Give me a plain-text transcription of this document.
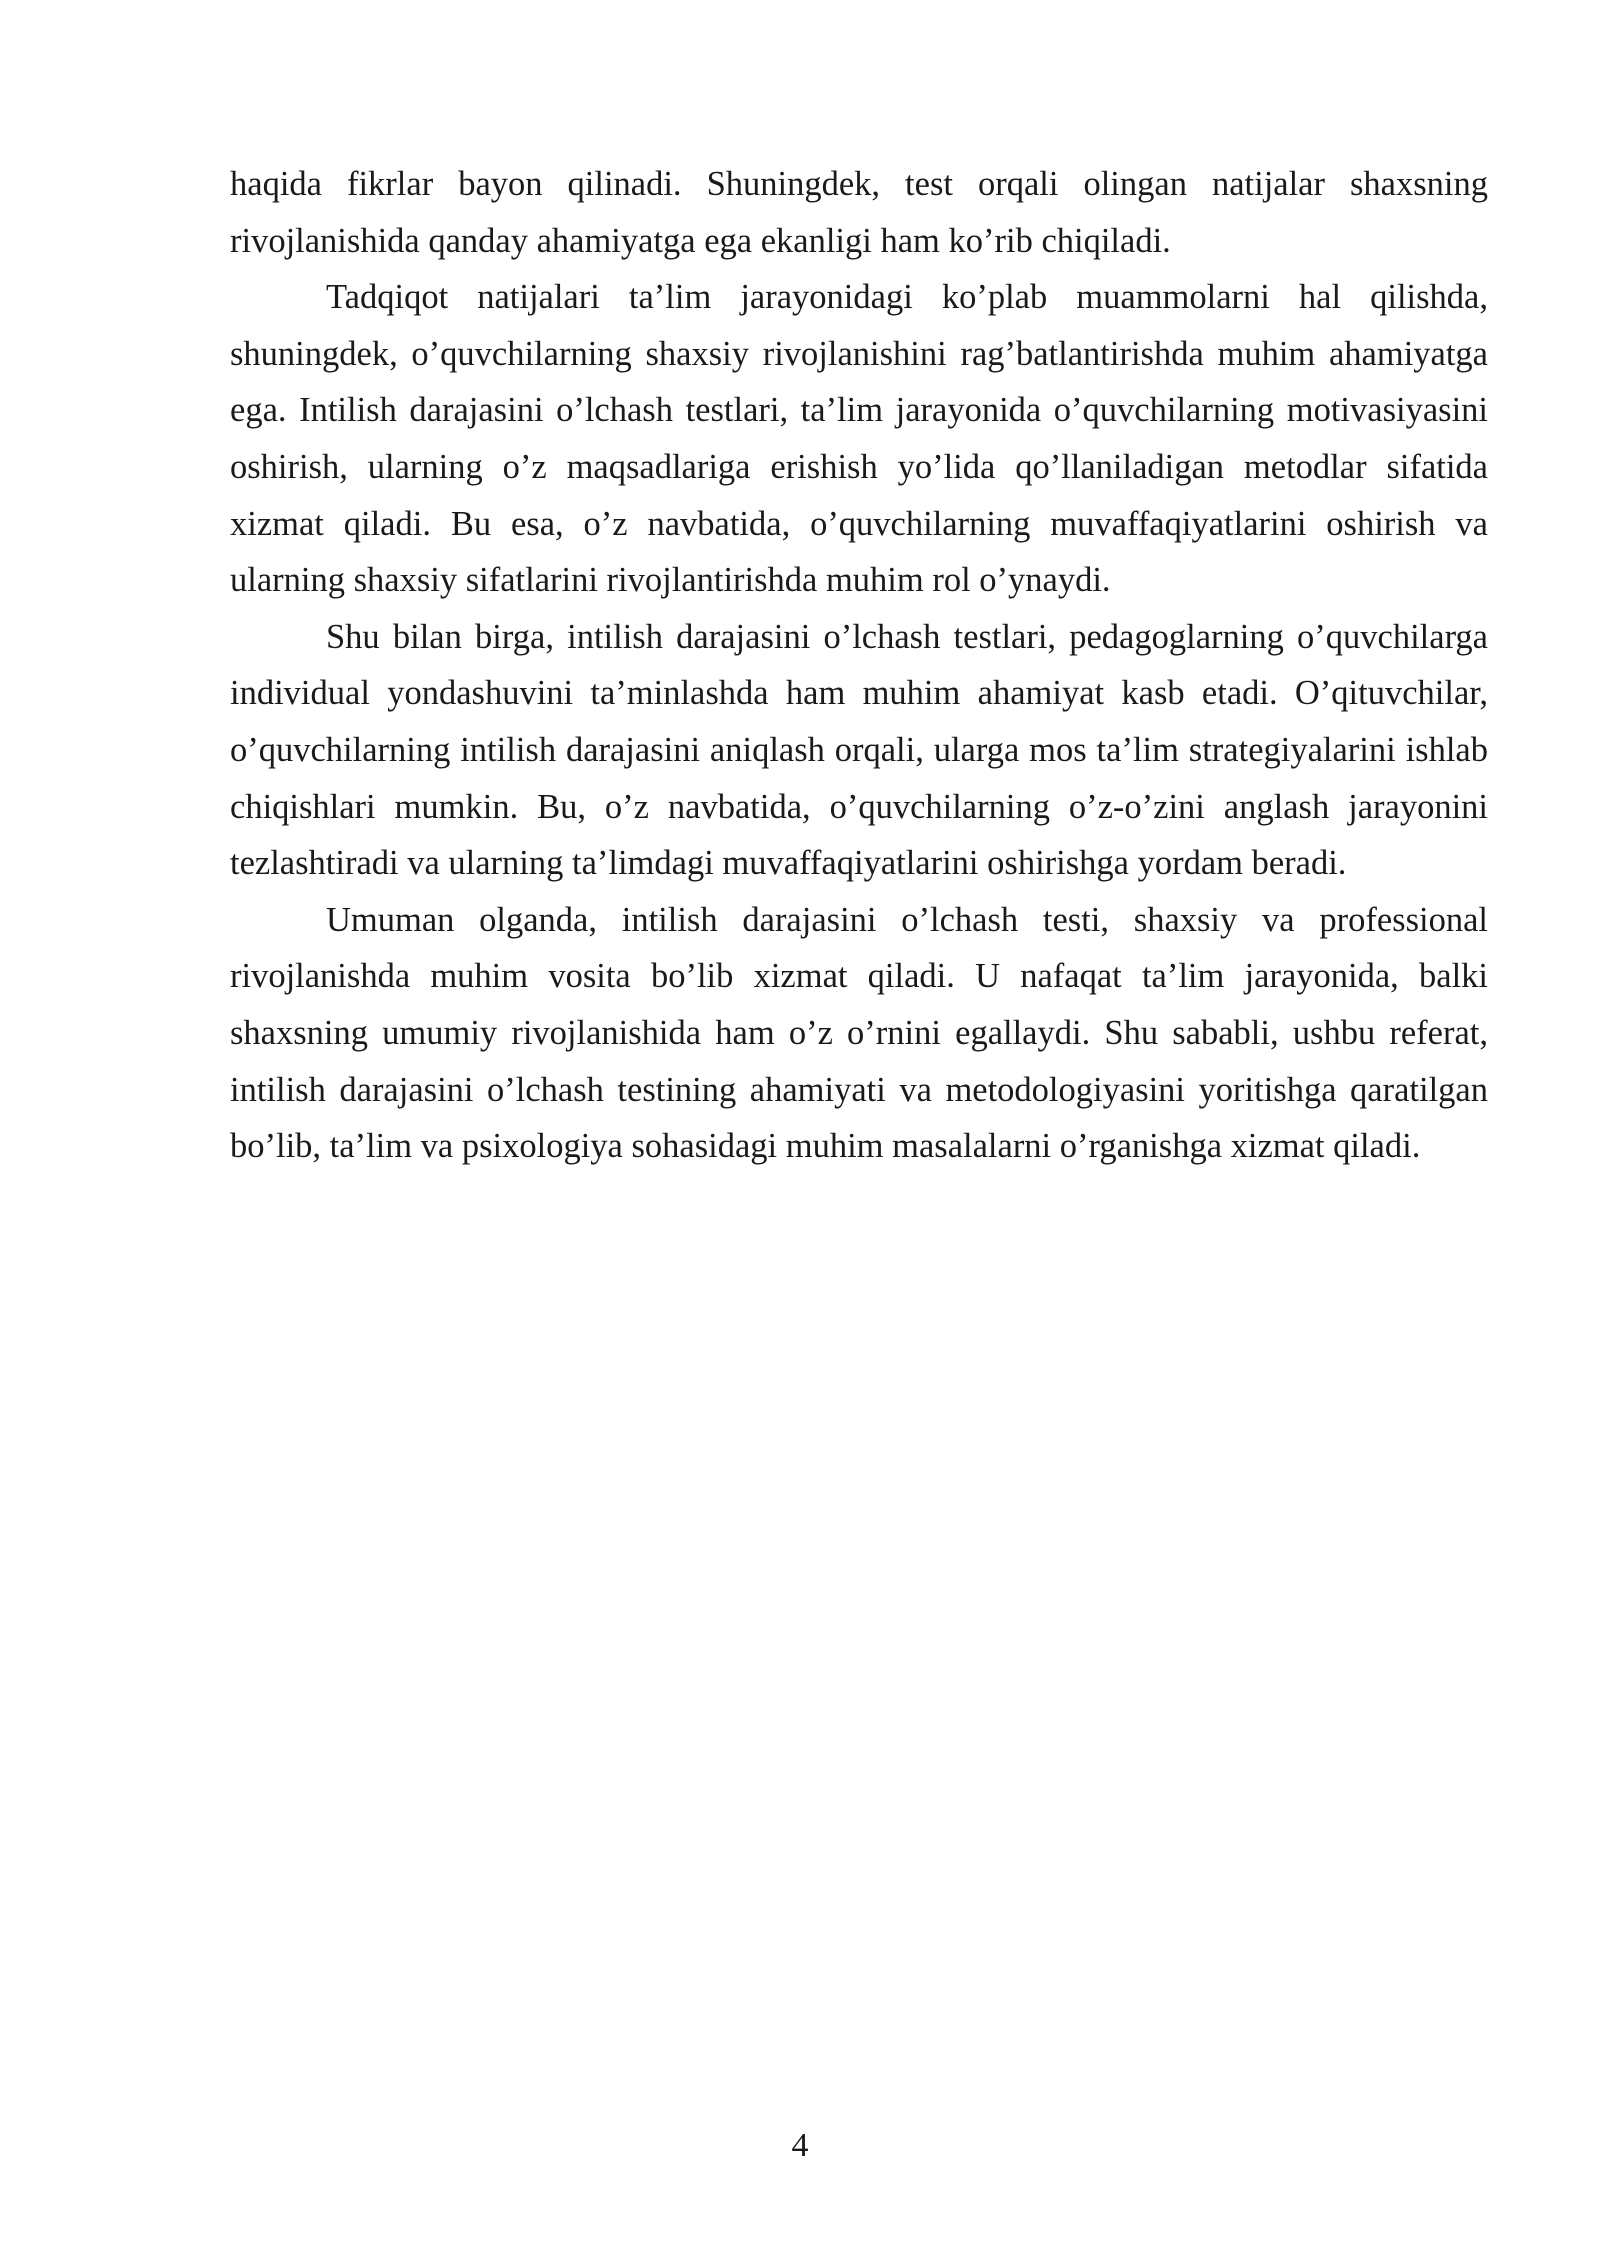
haqida fikrlar bayon qilinadi. Shuningdek, test orqali olingan natijalar shaxsning rivojlanishida qanday ahamiyatga ega ekanligi ham ko’rib chiqiladi.

Tadqiqot natijalari ta’lim jarayonidagi ko’plab muammolarni hal qilishda, shuningdek, o’quvchilarning shaxsiy rivojlanishini rag’batlantirishda muhim ahamiyatga ega. Intilish darajasini o’lchash testlari, ta’lim jarayonida o’quvchilarning motivasiyasini oshirish, ularning o’z maqsadlariga erishish yo’lida qo’llaniladigan metodlar sifatida xizmat qiladi. Bu esa, o’z navbatida, o’quvchilarning muvaffaqiyatlarini oshirish va ularning shaxsiy sifatlarini rivojlantirishda muhim rol o’ynaydi.

Shu bilan birga, intilish darajasini o’lchash testlari, pedagoglarning o’quvchilarga individual yondashuvini ta’minlashda ham muhim ahamiyat kasb etadi. O’qituvchilar, o’quvchilarning intilish darajasini aniqlash orqali, ularga mos ta’lim strategiyalarini ishlab chiqishlari mumkin. Bu, o’z navbatida, o’quvchilarning o’z-o’zini anglash jarayonini tezlashtiradi va ularning ta’limdagi muvaffaqiyatlarini oshirishga yordam beradi.

Umuman olganda, intilish darajasini o’lchash testi, shaxsiy va professional rivojlanishda muhim vosita bo’lib xizmat qiladi. U nafaqat ta’lim jarayonida, balki shaxsning umumiy rivojlanishida ham o’z o’rnini egallaydi. Shu sababli, ushbu referat, intilish darajasini o’lchash testining ahamiyati va metodologiyasini yoritishga qaratilgan bo’lib, ta’lim va psixologiya sohasidagi muhim masalalarni o’rganishga xizmat qiladi.

4
